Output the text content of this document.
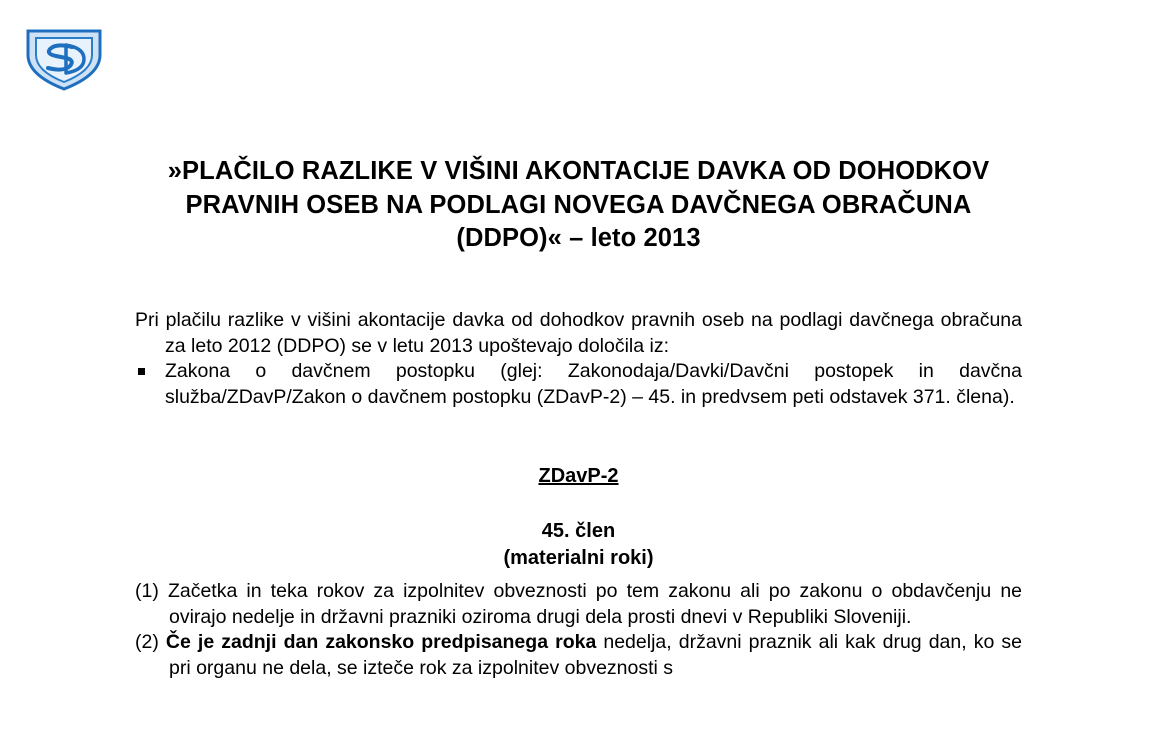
»PLAČILO RAZLIKE V VIŠINI AKONTACIJE DAVKA OD DOHODKOV PRAVNIH OSEB NA PODLAGI NOVEGA DAVČNEGA OBRAČUNA (DDPO)« – leto 2013

Pri plačilu razlike v višini akontacije davka od dohodkov pravnih oseb na podlagi davčnega obračuna za leto 2012 (DDPO) se v letu 2013 upoštevajo določila iz:

Zakona o davčnem postopku (glej: Zakonodaja/Davki/Davčni postopek in davčna služba/ZDavP/Zakon o davčnem postopku (ZDavP-2) – 45. in predvsem peti odstavek 371. člena).
ZDavP-2
45. člen
(materialni roki)

(1) Začetka in teka rokov za izpolnitev obveznosti po tem zakonu ali po zakonu o obdavčenju ne ovirajo nedelje in državni prazniki oziroma drugi dela prosti dnevi v Republiki Sloveniji.

(2) Če je zadnji dan zakonsko predpisanega roka nedelja, državni praznik ali kak drug dan, ko se pri organu ne dela, se izteče rok za izpolnitev obveznosti s
